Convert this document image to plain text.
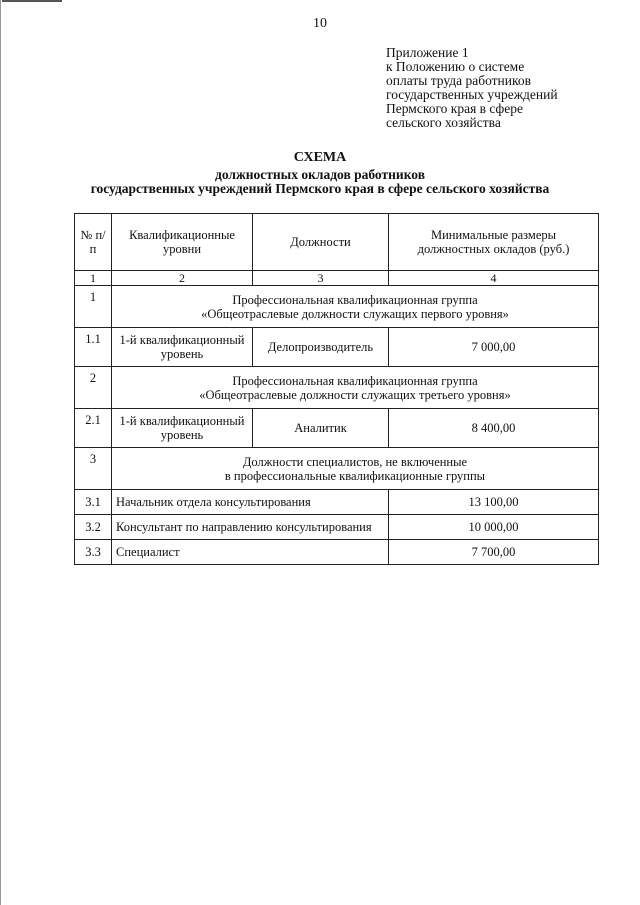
10
Приложение 1
к Положению о системе
оплаты труда работников
государственных учреждений
Пермского края в сфере
сельского хозяйства
СХЕМА
должностных окладов работников
государственных учреждений Пермского края в сфере сельского хозяйства
№ п/п	Квалификационные уровни	Должности	Минимальные размеры должностных окладов (руб.)
1	2	3	4
1	Профессиональная квалификационная группа
«Общеотраслевые должности служащих первого уровня»		

1.1	1-й квалификационный уровень	Делопроизводитель	7 000,00
2	Профессиональная квалификационная группа
«Общеотраслевые должности служащих третьего уровня»		

2.1	1-й квалификационный уровень	Аналитик	8 400,00
3	Должности специалистов, не включенные
в профессиональные квалификационные группы		

3.1	Начальник отдела консультирования		13 100,00
3.2	Консультант по направлению консультирования		10 000,00
3.3	Специалист		7 700,00
